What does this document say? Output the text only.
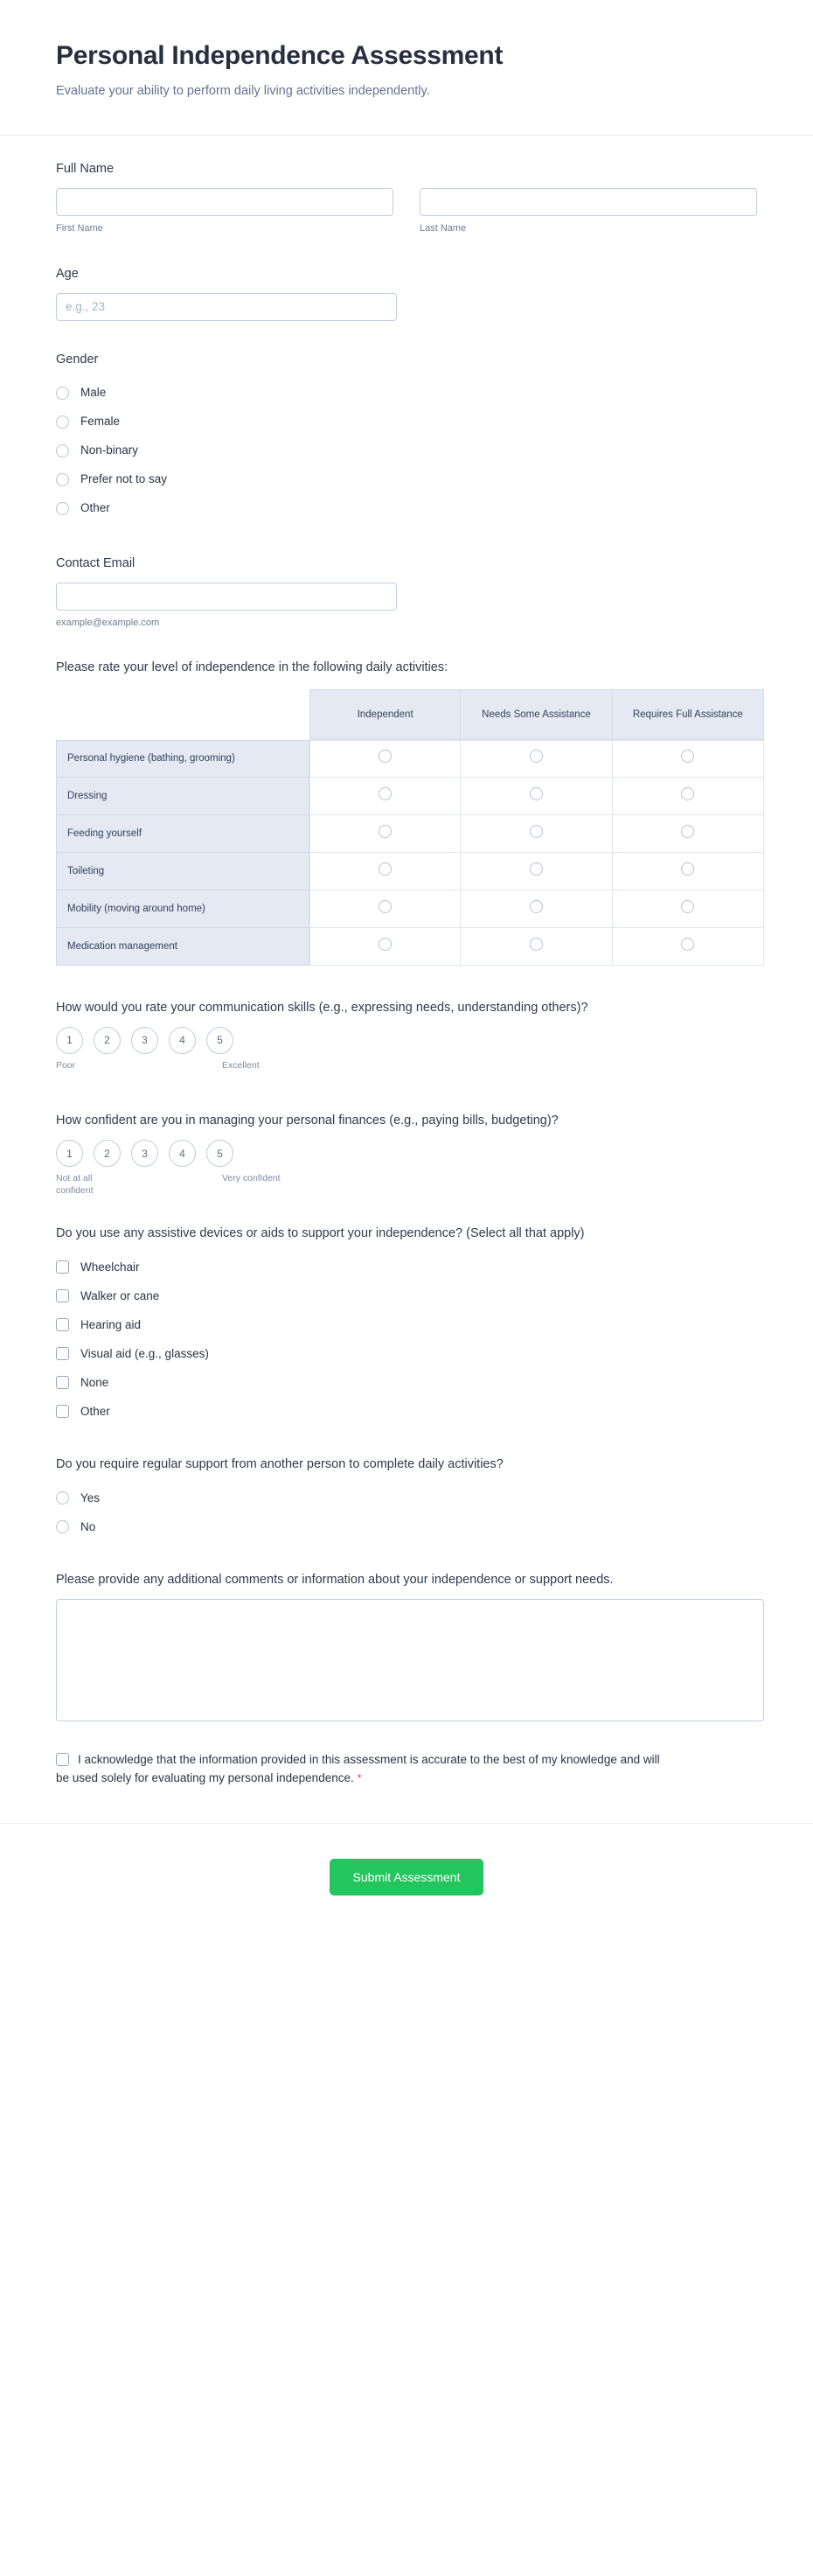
Personal Independence Assessment

Evaluate your ability to perform daily living activities independently.

Full Name
First Name	Last Name
Age
e.g., 23
Gender
Male
Female
Non-binary
Prefer not to say
Other
Contact Email
example@example.com
Please rate your level of independence in the following daily activities:
	Independent	Needs Some Assistance	Requires Full Assistance
Personal hygiene (bathing, grooming)			
Dressing			
Feeding yourself			
Toileting			
Mobility (moving around home)			
Medication management			
How would you rate your communication skills (e.g., expressing needs, understanding others)?
1	2	3	4	5
Poor	Excellent
How confident are you in managing your personal finances (e.g., paying bills, budgeting)?
1	2	3	4	5
Not at all confident
Very confident
Do you use any assistive devices or aids to support your independence? (Select all that apply)
Wheelchair
Walker or cane
Hearing aid
Visual aid (e.g., glasses)
None
Other
Do you require regular support from another person to complete daily activities?
Yes
No
Please provide any additional comments or information about your independence or support needs.
I acknowledge that the information provided in this assessment is accurate to the best of my knowledge and will be used solely for evaluating my personal independence. *
Submit Assessment
